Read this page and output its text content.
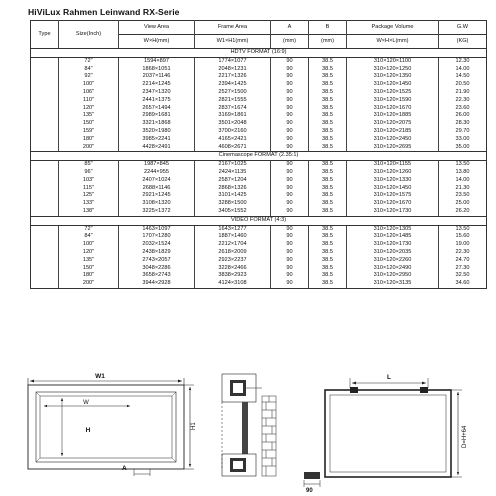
HiViLux Rahmen Leinwand RX-Serie
Type	Size(Inch)	View Area	Frame Area	A	B	Package Volume	G.W
		W×H(mm)	W1×H1(mm)	(mm)	(mm)	W×H×L(mm)	(KG)
HDTV FORMAT (16:9)							
	72"	1594×897	1774×1077	90	38.5	310×120×1100	12.30
	84"	1868×1051	2048×1231	90	38.5	310×120×1250	14.00
	92"	2037×1146	2217×1326	90	38.5	310×120×1350	14.50
	100"	2214×1245	2394×1425	90	38.5	310×120×1450	20.50
	106"	2347×1320	2527×1500	90	38.5	310×120×1525	21.90
	110"	2441×1375	2821×1555	90	38.5	310×120×1590	22.30
	120"	2657×1494	2837×1674	90	38.5	310×120×1670	23.60
	135"	2989×1681	3169×1861	90	38.5	310×120×1885	26.00
	150"	3321×1868	3501×2048	90	38.5	310×120×2075	28.30
	159"	3520×1980	3700×2160	90	38.5	310×120×2185	29.70
	180"	3985×2241	4165×2421	90	38.5	310×120×2450	33.00
	200"	4428×2491	4608×2671	90	38.5	310×120×2695	35.00
Cinemascope FORMAT (2.35:1)							
	85"	1987×845	2167×1025	90	38.5	310×120×1155	13.50
	96"	2244×955	2424×1135	90	38.5	310×120×1260	13.80
	103"	2407×1024	2587×1204	90	38.5	310×120×1330	14.00
	115"	2688×1146	2868×1326	90	38.5	310×120×1450	21.30
	125"	2921×1245	3101×1425	90	38.5	310×120×1575	23.50
	133"	3108×1320	3288×1500	90	38.5	310×120×1670	25.00
	138"	3225×1372	3405×1552	90	38.5	310×120×1730	26.20
VIDEO FORMAT (4:3)							
	72"	1463×1097	1643×1277	90	38.5	310×120×1305	13.50
	84"	1707×1280	1887×1460	90	38.5	310×120×1485	15.60
	100"	2032×1524	2212×1704	90	38.5	310×120×1730	19.00
	120"	2438×1829	2618×2009	90	38.5	310×120×2035	22.30
	135"	2743×2057	2923×2237	90	38.5	310×120×2260	24.70
	150"	3048×2286	3228×2466	90	38.5	310×120×2490	27.30
	180"	3658×2743	3838×2923	90	38.5	310×120×2950	32.50
	200"	3944×2928	4124×3108	90	38.5	310×120×3135	34.60
W1
W
H
H1
A
L
D=H+64
90
